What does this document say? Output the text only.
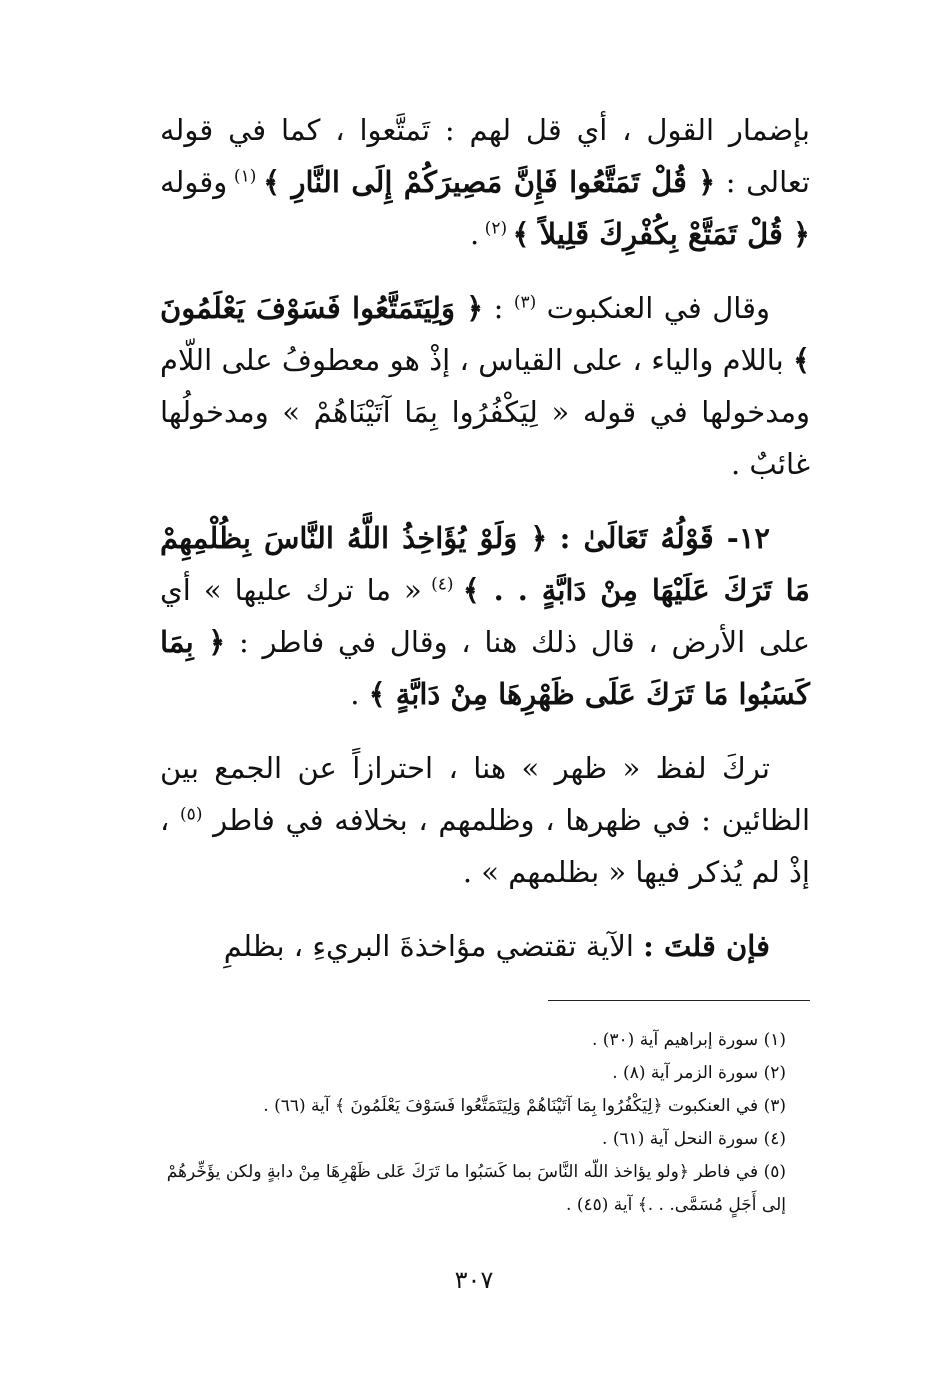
بإضمار القول ، أي قل لهم : تَمتَّعوا ، كما في قوله تعالى : ﴿ قُلْ تَمَتَّعُوا فَإِنَّ مَصِيرَكُمْ إِلَى النَّارِ ﴾ $^{(١)}$ وقوله ﴿ قُلْ تَمَتَّعْ بِكُفْرِكَ قَلِيلاً ﴾ $^{(٢)}$ .

وقال في العنكبوت $^{(٣)}$ : ﴿ وَلِيَتَمَتَّعُوا فَسَوْفَ يَعْلَمُونَ ﴾ باللام والياء ، على القياس ، إذْ هو معطوفُ على اللّام ومدخولها في قوله « لِيَكْفُرُوا بِمَا آتَيْنَاهُمْ » ومدخولُها غائبٌ .

١٢- قَوْلُهُ تَعَالَىٰ : ﴿ وَلَوْ يُؤَاخِذُ اللَّهُ النَّاسَ بِظُلْمِهِمْ مَا تَرَكَ عَلَيْهَا مِنْ دَابَّةٍ . . ﴾ $^{(٤)}$ « ما ترك عليها » أي على الأرض ، قال ذلك هنا ، وقال في فاطر : ﴿ بِمَا كَسَبُوا مَا تَرَكَ عَلَى ظَهْرِهَا مِنْ دَابَّةٍ ﴾ .

تركَ لفظ « ظهر » هنا ، احترازاً عن الجمع بين الظائين : في ظهرها ، وظلمهم ، بخلافه في فاطر $^{(٥)}$ ، إذْ لم يُذكر فيها « بظلمهم » .

فإن قلتَ : الآية تقتضي مؤاخذةَ البريءِ ، بظلمِ

(١) سورة إبراهيم آية (٣٠) .
(٢) سورة الزمر آية (٨) .
(٣) في العنكبوت ﴿لِيَكْفُرُوا بِمَا آتَيْنَاهُمْ وَلِيَتَمَتَّعُوا فَسَوْفَ يَعْلَمُونَ ﴾ آية (٦٦) .
(٤) سورة النحل آية (٦١) .
(٥) في فاطر ﴿ولو يؤاخذ اللّه النَّاسَ بما كَسَبُوا ما تَرَكَ عَلى ظَهْرِهَا مِنْ دابةٍ ولكن يؤَخِّرهُمْ إلى أَجَلٍ مُسَمَّى. . .﴾ آية (٤٥) .
٣٠٧
